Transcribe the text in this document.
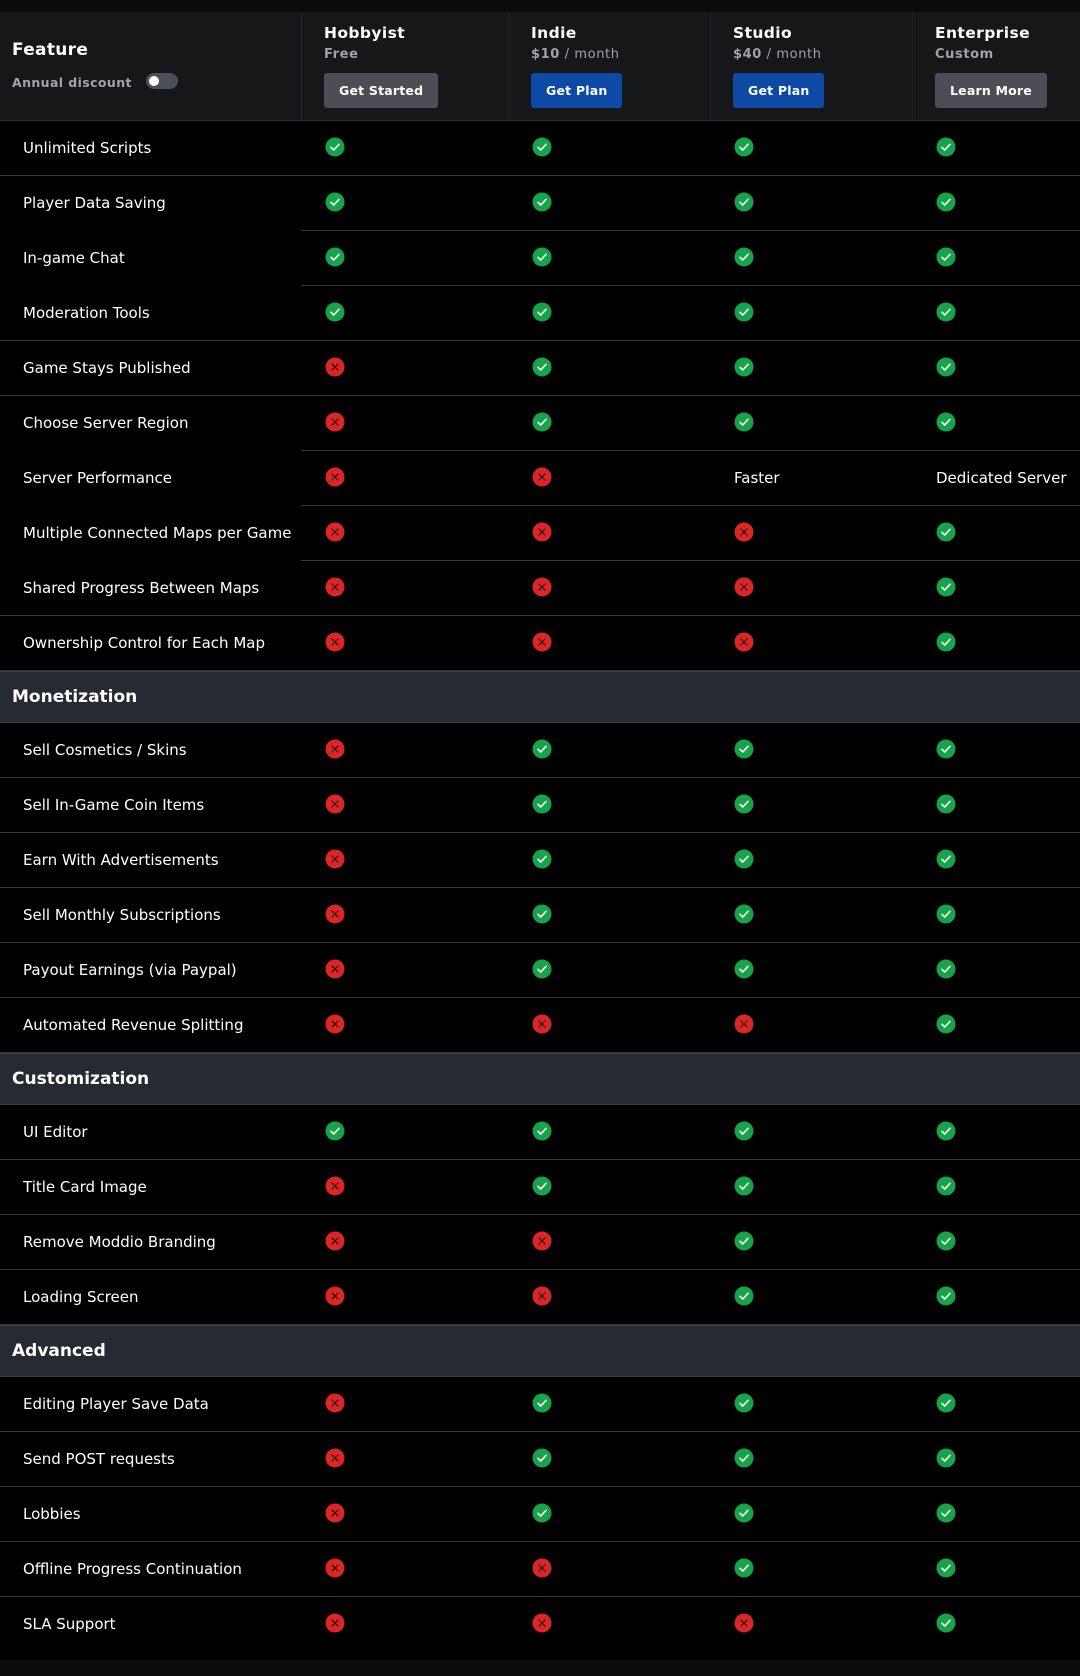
Feature
Annual discount
Hobbyist
Free
Get Started
Indie
$10 / month
Get Plan
Studio
$40 / month
Get Plan
Enterprise
Custom
Learn More
Unlimited Scripts
Player Data Saving
In-game Chat
Moderation Tools
Game Stays Published
Choose Server Region
Server Performance	Faster	Dedicated Server
Multiple Connected Maps per Game
Shared Progress Between Maps
Ownership Control for Each Map
Monetization
Sell Cosmetics / Skins
Sell In-Game Coin Items
Earn With Advertisements
Sell Monthly Subscriptions
Payout Earnings (via Paypal)
Automated Revenue Splitting
Customization
UI Editor
Title Card Image
Remove Moddio Branding
Loading Screen
Advanced
Editing Player Save Data
Send POST requests
Lobbies
Offline Progress Continuation
SLA Support
